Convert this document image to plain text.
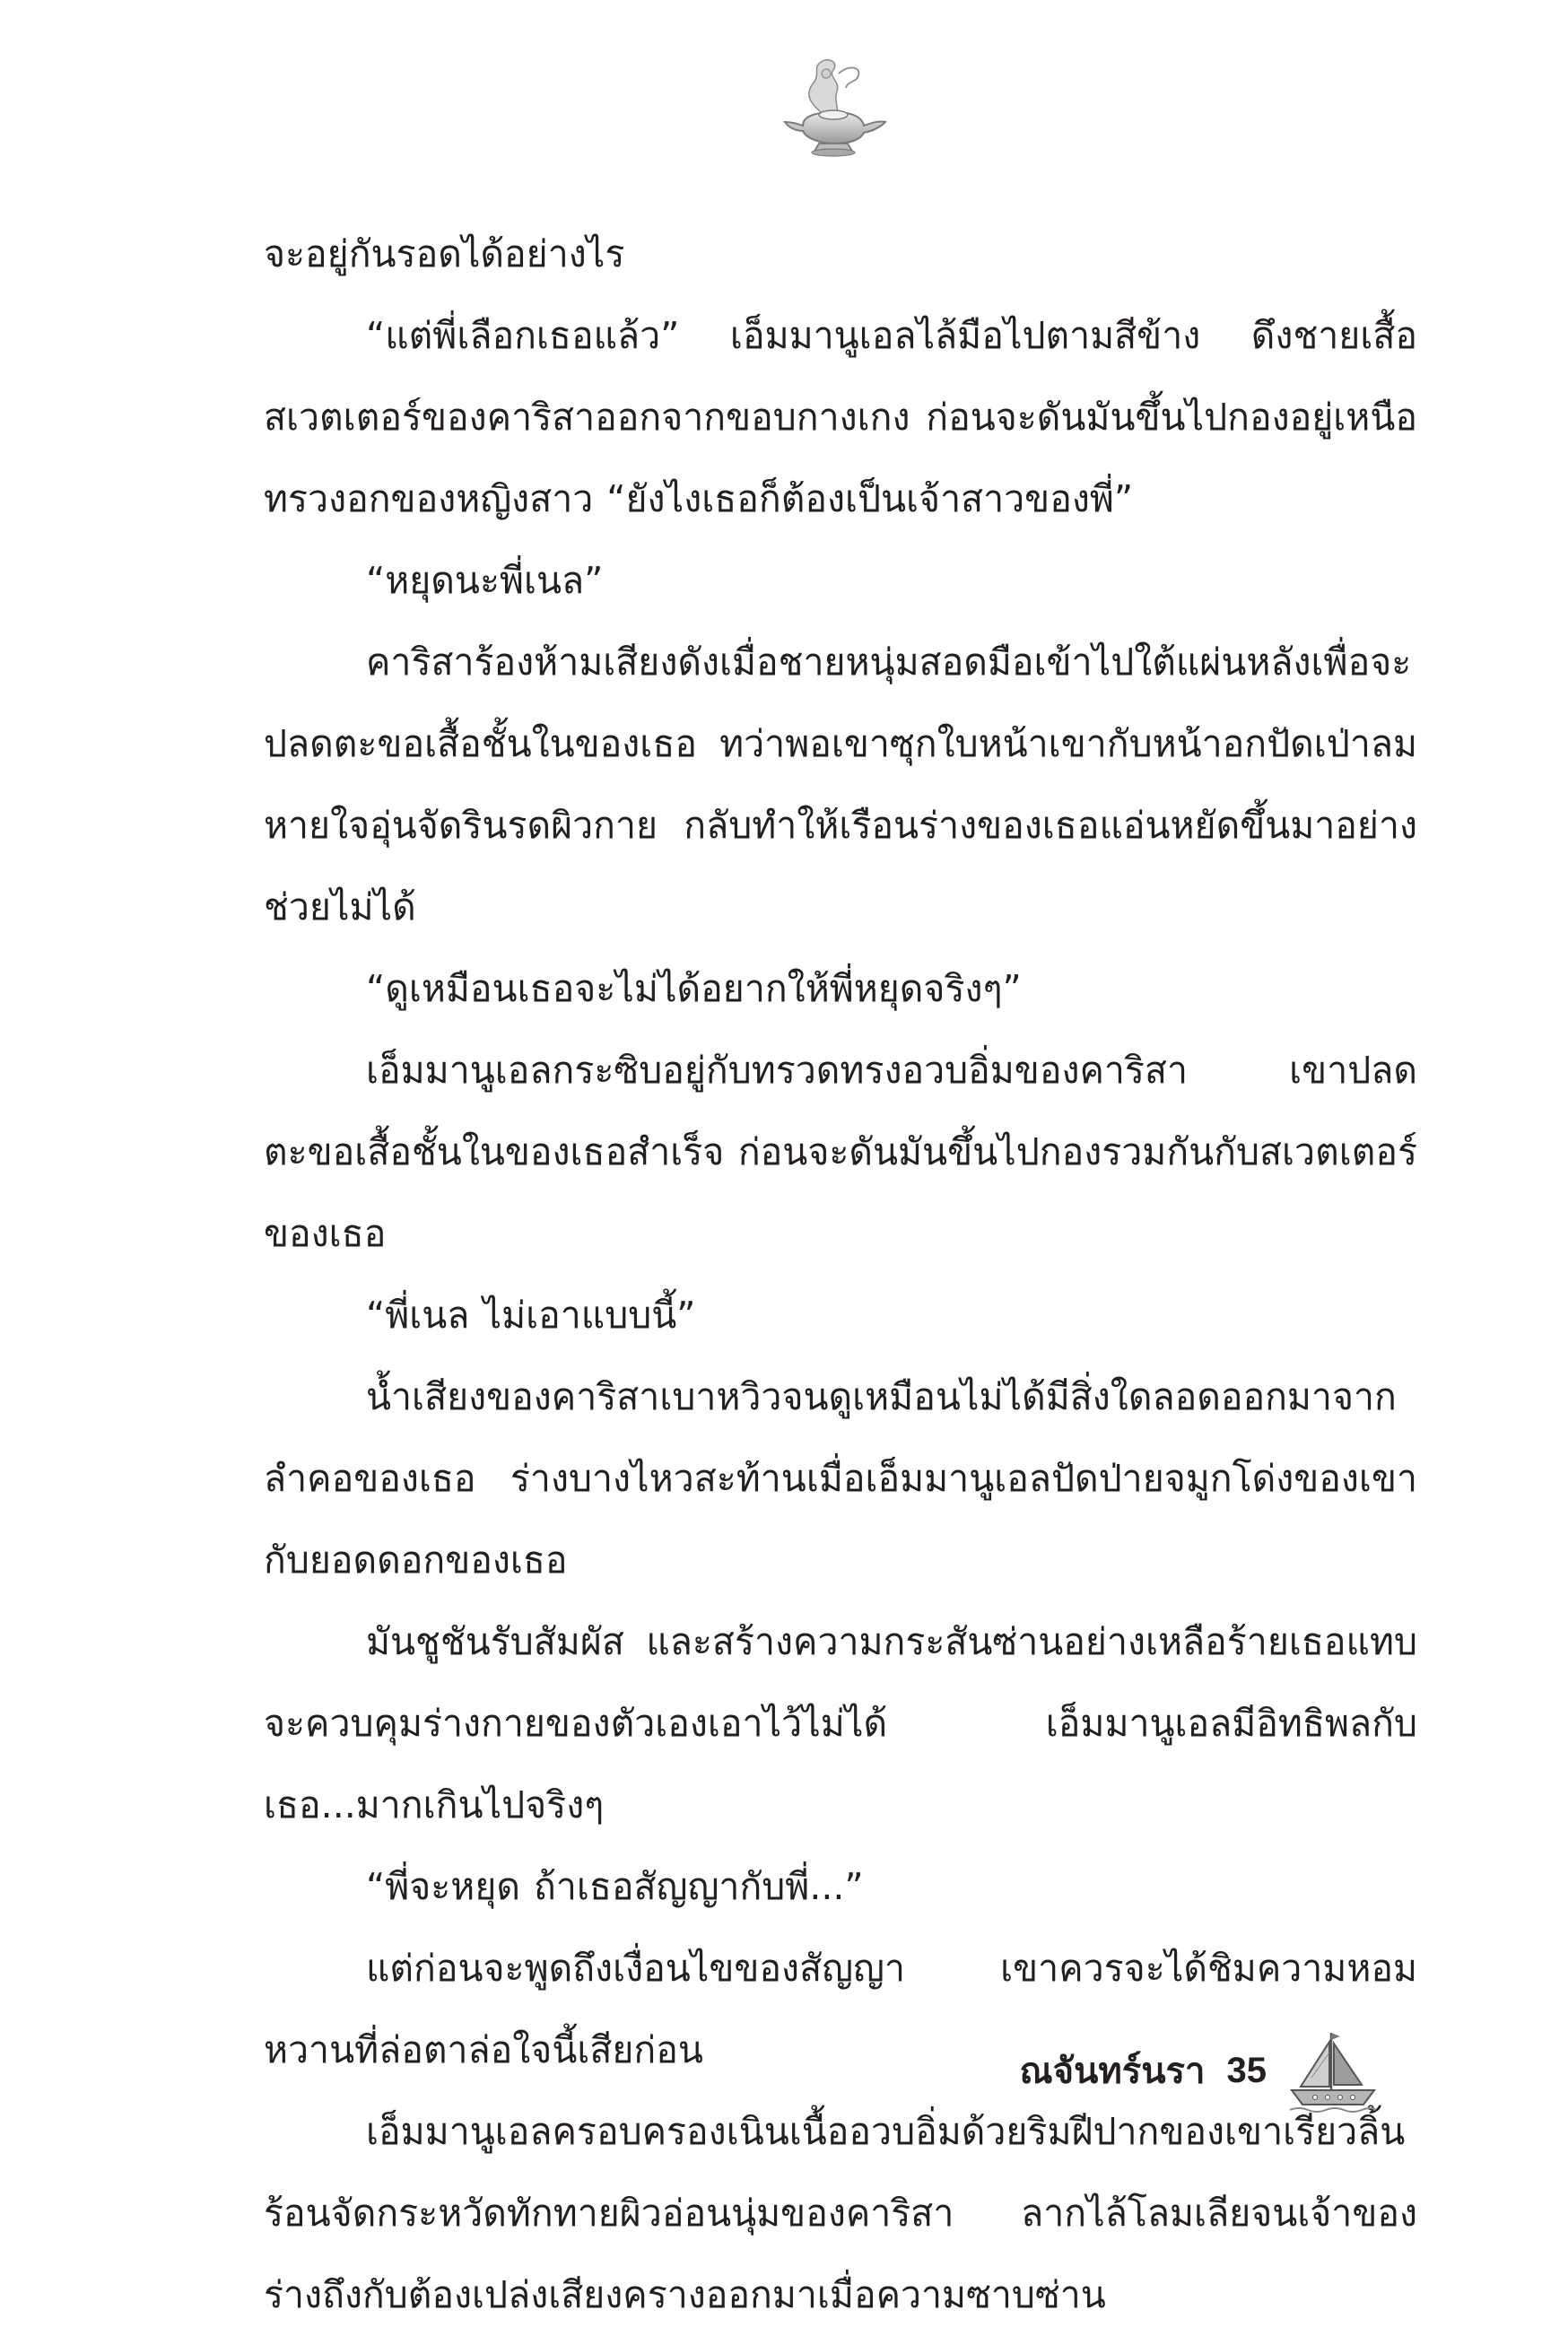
จะอยู่กันรอดได้อย่างไร

“แต่พี่เลือกเธอแล้ว” เอ็มมานูเอลไล้มือไปตามสีข้าง ดึงชายเสื้อสเวตเตอร์ของคาริสาออกจากขอบกางเกง ก่อนจะดันมันขึ้นไปกองอยู่เหนือทรวงอกของหญิงสาว “ยังไงเธอก็ต้องเป็นเจ้าสาวของพี่”

“หยุดนะพี่เนล”

คาริสาร้องห้ามเสียงดังเมื่อชายหนุ่มสอดมือเข้าไปใต้แผ่นหลังเพื่อจะปลดตะขอเสื้อชั้นในของเธอ ทว่าพอเขาซุกใบหน้าเขากับหน้าอกปัดเป่าลมหายใจอุ่นจัดรินรดผิวกาย กลับทำให้เรือนร่างของเธอแอ่นหยัดขึ้นมาอย่างช่วยไม่ได้

“ดูเหมือนเธอจะไม่ได้อยากให้พี่หยุดจริงๆ”

เอ็มมานูเอลกระซิบอยู่กับทรวดทรงอวบอิ่มของคาริสา เขาปลดตะขอเสื้อชั้นในของเธอสำเร็จ ก่อนจะดันมันขึ้นไปกองรวมกันกับสเวตเตอร์ของเธอ

“พี่เนล ไม่เอาแบบนี้”

น้ำเสียงของคาริสาเบาหวิวจนดูเหมือนไม่ได้มีสิ่งใดลอดออกมาจากลำคอของเธอ ร่างบางไหวสะท้านเมื่อเอ็มมานูเอลปัดป่ายจมูกโด่งของเขากับยอดดอกของเธอ

มันชูชันรับสัมผัส และสร้างความกระสันซ่านอย่างเหลือร้ายเธอแทบจะควบคุมร่างกายของตัวเองเอาไว้ไม่ได้ เอ็มมานูเอลมีอิทธิพลกับเธอ...มากเกินไปจริงๆ

“พี่จะหยุด ถ้าเธอสัญญากับพี่...”

แต่ก่อนจะพูดถึงเงื่อนไขของสัญญา เขาควรจะได้ชิมความหอมหวานที่ล่อตาล่อใจนี้เสียก่อน

เอ็มมานูเอลครอบครองเนินเนื้ออวบอิ่มด้วยริมฝีปากของเขาเรียวลิ้นร้อนจัดกระหวัดทักทายผิวอ่อนนุ่มของคาริสา ลากไล้โลมเลียจนเจ้าของร่างถึงกับต้องเปล่งเสียงครางออกมาเมื่อความซาบซ่าน

ณจันทร์นรา 35
